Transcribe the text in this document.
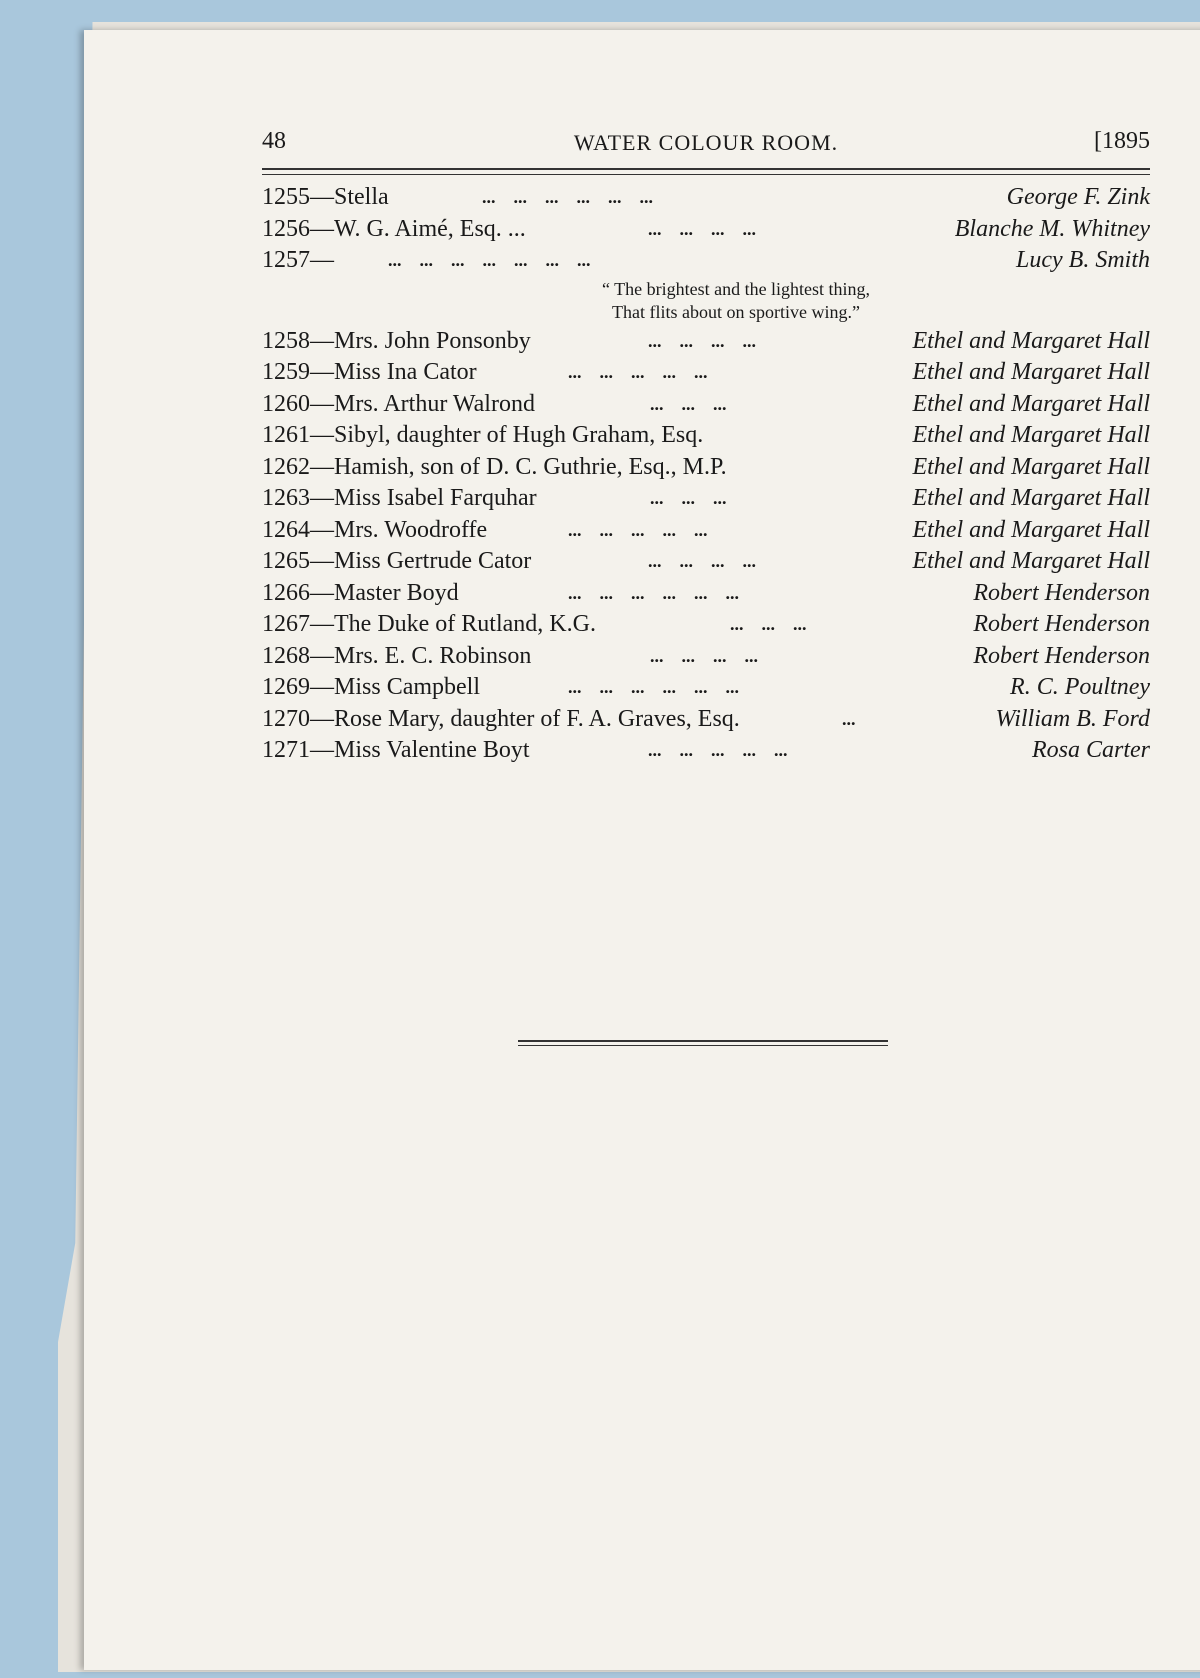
48	WATER COLOUR ROOM.	[1895
1255—Stella	...    ...    ...    ...    ...    ...	George F. Zink
1256—W. G. Aimé, Esq. ...	...    ...    ...    ...	Blanche M. Whitney
1257—	...    ...    ...    ...    ...    ...    ...	Lucy B. Smith
“ The brightest and the lightest thing,
That flits about on sportive wing.”
1258—Mrs. John Ponsonby	...    ...    ...    ...	Ethel and Margaret Hall
1259—Miss Ina Cator	...    ...    ...    ...    ...	Ethel and Margaret Hall
1260—Mrs. Arthur Walrond	...    ...    ...	Ethel and Margaret Hall
1261—Sibyl, daughter of Hugh Graham, Esq.	Ethel and Margaret Hall
1262—Hamish, son of D. C. Guthrie, Esq., M.P.	Ethel and Margaret Hall
1263—Miss Isabel Farquhar	...    ...    ...	Ethel and Margaret Hall
1264—Mrs. Woodroffe	...    ...    ...    ...    ...	Ethel and Margaret Hall
1265—Miss Gertrude Cator	...    ...    ...    ...	Ethel and Margaret Hall
1266—Master Boyd	...    ...    ...    ...    ...    ...	Robert Henderson
1267—The Duke of Rutland, K.G.	...    ...    ...	Robert Henderson
1268—Mrs. E. C. Robinson	...    ...    ...    ...	Robert Henderson
1269—Miss Campbell	...    ...    ...    ...    ...    ...	R. C. Poultney
1270—Rose Mary, daughter of F. A. Graves, Esq.	...	William B. Ford
1271—Miss Valentine Boyt	...    ...    ...    ...    ...	Rosa Carter
